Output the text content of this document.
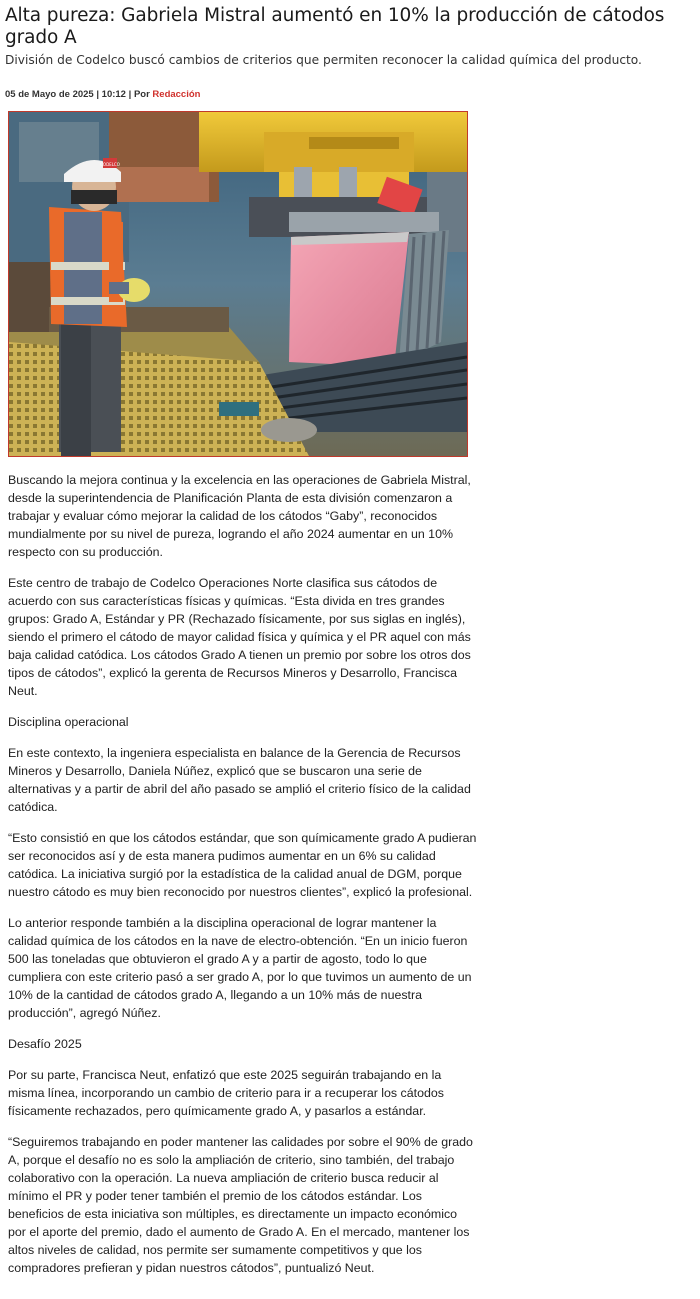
Alta pureza: Gabriela Mistral aumentó en 10% la producción de cátodos grado A

División de Codelco buscó cambios de criterios que permiten reconocer la calidad química del producto.

05 de Mayo de 2025 | 10:12 | Por Redacción
CODELCO

Buscando la mejora continua y la excelencia en las operaciones de Gabriela Mistral, desde la superintendencia de Planificación Planta de esta división comenzaron a trabajar y evaluar cómo mejorar la calidad de los cátodos “Gaby”, reconocidos mundialmente por su nivel de pureza, logrando el año 2024 aumentar en un 10% respecto con su producción.

Este centro de trabajo de Codelco Operaciones Norte clasifica sus cátodos de acuerdo con sus características físicas y químicas. “Esta divida en tres grandes grupos: Grado A, Estándar y PR (Rechazado físicamente, por sus siglas en inglés), siendo el primero el cátodo de mayor calidad física y química y el PR aquel con más baja calidad catódica. Los cátodos Grado A tienen un premio por sobre los otros dos tipos de cátodos”, explicó la gerenta de Recursos Mineros y Desarrollo, Francisca Neut.

Disciplina operacional

En este contexto, la ingeniera especialista en balance de la Gerencia de Recursos Mineros y Desarrollo, Daniela Núñez, explicó que se buscaron una serie de alternativas y a partir de abril del año pasado se amplió el criterio físico de la calidad catódica.

“Esto consistió en que los cátodos estándar, que son químicamente grado A pudieran ser reconocidos así y de esta manera pudimos aumentar en un 6% su calidad catódica. La iniciativa surgió por la estadística de la calidad anual de DGM, porque nuestro cátodo es muy bien reconocido por nuestros clientes”, explicó la profesional.

Lo anterior responde también a la disciplina operacional de lograr mantener la calidad química de los cátodos en la nave de electro-obtención. “En un inicio fueron 500 las toneladas que obtuvieron el grado A y a partir de agosto, todo lo que cumpliera con este criterio pasó a ser grado A, por lo que tuvimos un aumento de un 10% de la cantidad de cátodos grado A, llegando a un 10% más de nuestra producción”, agregó Núñez.

Desafío 2025

Por su parte, Francisca Neut, enfatizó que este 2025 seguirán trabajando en la misma línea, incorporando un cambio de criterio para ir a recuperar los cátodos físicamente rechazados, pero químicamente grado A, y pasarlos a estándar.

“Seguiremos trabajando en poder mantener las calidades por sobre el 90% de grado A, porque el desafío no es solo la ampliación de criterio, sino también, del trabajo colaborativo con la operación. La nueva ampliación de criterio busca reducir al mínimo el PR y poder tener también el premio de los cátodos estándar. Los beneficios de esta iniciativa son múltiples, es directamente un impacto económico por el aporte del premio, dado el aumento de Grado A. En el mercado, mantener los altos niveles de calidad, nos permite ser sumamente competitivos y que los compradores prefieran y pidan nuestros cátodos”, puntualizó Neut.
